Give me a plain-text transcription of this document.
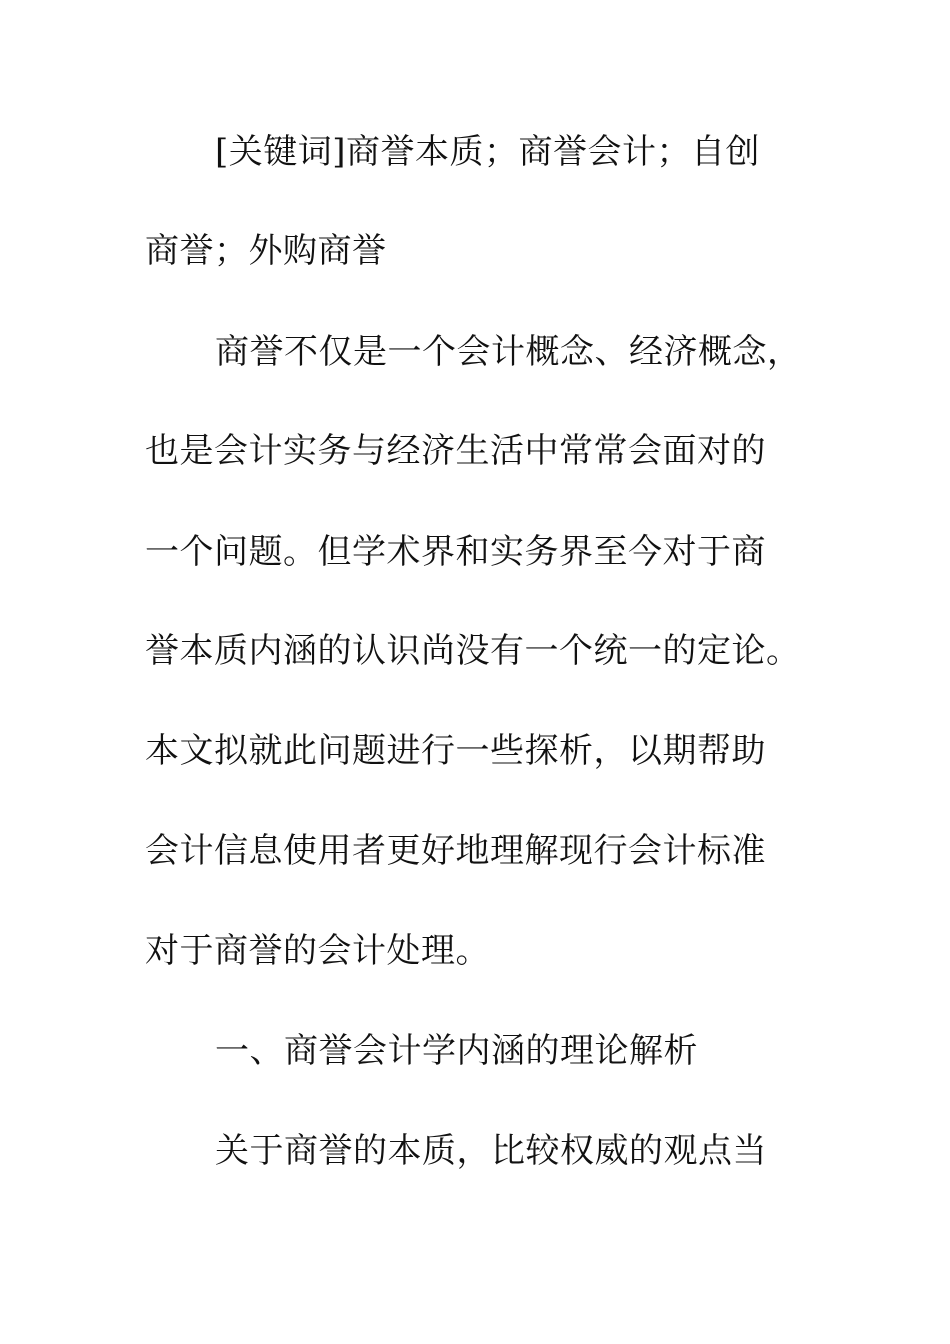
[关键词]商誉本质；商誉会计；自创
商誉；外购商誉
商誉不仅是一个会计概念、经济概念，
也是会计实务与经济生活中常常会面对的
一个问题。但学术界和实务界至今对于商
誉本质内涵的认识尚没有一个统一的定论。
本文拟就此问题进行一些探析，以期帮助
会计信息使用者更好地理解现行会计标准
对于商誉的会计处理。
一、商誉会计学内涵的理论解析
关于商誉的本质，比较权威的观点当
